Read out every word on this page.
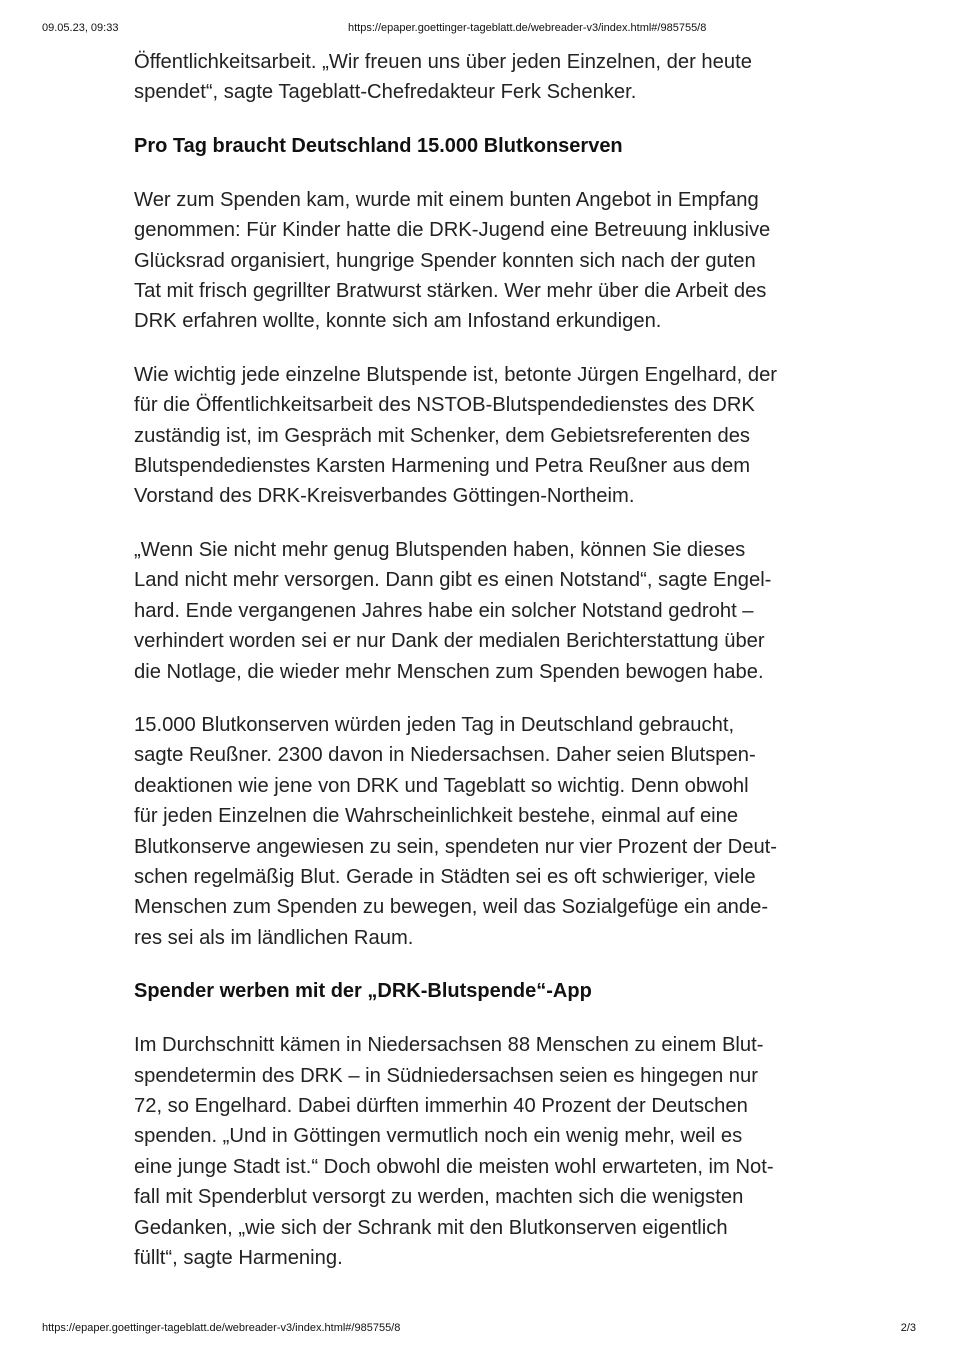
09.05.23, 09:33	https://epaper.goettinger-tageblatt.de/webreader-v3/index.html#/985755/8

Öffentlichkeitsarbeit. „Wir freuen uns über jeden Einzelnen, der heute
spendet“, sagte Tageblatt-Chefredakteur Ferk Schenker.

Pro Tag braucht Deutschland 15.000 Blutkonserven

Wer zum Spenden kam, wurde mit einem bunten Angebot in Empfang
genommen: Für Kinder hatte die DRK-Jugend eine Betreuung inklusive
Glücksrad organisiert, hungrige Spender konnten sich nach der guten
Tat mit frisch gegrillter Bratwurst stärken. Wer mehr über die Arbeit des
DRK erfahren wollte, konnte sich am Infostand erkundigen.

Wie wichtig jede einzelne Blutspende ist, betonte Jürgen Engelhard, der
für die Öffentlichkeitsarbeit des NSTOB-Blutspendedienstes des DRK
zuständig ist, im Gespräch mit Schenker, dem Gebietsreferenten des
Blutspendedienstes Karsten Harmening und Petra Reußner aus dem
Vorstand des DRK-Kreisverbandes Göttingen-Northeim.

„Wenn Sie nicht mehr genug Blutspenden haben, können Sie dieses
Land nicht mehr versorgen. Dann gibt es einen Notstand“, sagte Engel-
hard. Ende vergangenen Jahres habe ein solcher Notstand gedroht –
verhindert worden sei er nur Dank der medialen Berichterstattung über
die Notlage, die wieder mehr Menschen zum Spenden bewogen habe.

15.000 Blutkonserven würden jeden Tag in Deutschland gebraucht,
sagte Reußner. 2300 davon in Niedersachsen. Daher seien Blutspen-
deaktionen wie jene von DRK und Tageblatt so wichtig. Denn obwohl
für jeden Einzelnen die Wahrscheinlichkeit bestehe, einmal auf eine
Blutkonserve angewiesen zu sein, spendeten nur vier Prozent der Deut-
schen regelmäßig Blut. Gerade in Städten sei es oft schwieriger, viele
Menschen zum Spenden zu bewegen, weil das Sozialgefüge ein ande-
res sei als im ländlichen Raum.

Spender werben mit der „DRK-Blutspende“-App

Im Durchschnitt kämen in Niedersachsen 88 Menschen zu einem Blut-
spendetermin des DRK – in Südniedersachsen seien es hingegen nur
72, so Engelhard. Dabei dürften immerhin 40 Prozent der Deutschen
spenden. „Und in Göttingen vermutlich noch ein wenig mehr, weil es
eine junge Stadt ist.“ Doch obwohl die meisten wohl erwarteten, im Not-
fall mit Spenderblut versorgt zu werden, machten sich die wenigsten
Gedanken, „wie sich der Schrank mit den Blutkonserven eigentlich
füllt“, sagte Harmening.

https://epaper.goettinger-tageblatt.de/webreader-v3/index.html#/985755/8	2/3
